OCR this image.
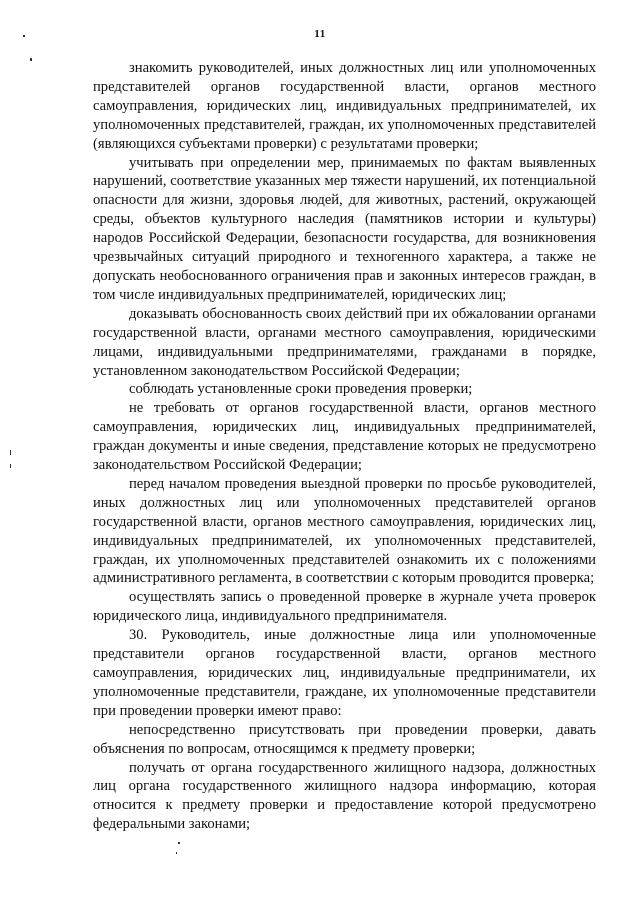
11

знакомить руководителей, иных должностных лиц или уполномоченных представителей органов государственной власти, органов местного самоуправления, юридических лиц, индивидуальных предпринимателей, их уполномоченных представителей, граждан, их уполномоченных представителей (являющихся субъектами проверки) с результатами проверки;

учитывать при определении мер, принимаемых по фактам выявленных нарушений, соответствие указанных мер тяжести нарушений, их потенциальной опасности для жизни, здоровья людей, для животных, растений, окружающей среды, объектов культурного наследия (памятников истории и культуры) народов Российской Федерации, безопасности государства, для возникновения чрезвычайных ситуаций природного и техногенного характера, а также не допускать необоснованного ограничения прав и законных интересов граждан, в том числе индивидуальных предпринимателей, юридических лиц;

доказывать обоснованность своих действий при их обжаловании органами государственной власти, органами местного самоуправления, юридическими лицами, индивидуальными предпринимателями, гражданами в порядке, установленном законодательством Российской Федерации;

соблюдать установленные сроки проведения проверки;

не требовать от органов государственной власти, органов местного самоуправления, юридических лиц, индивидуальных предпринимателей, граждан документы и иные сведения, представление которых не предусмотрено законодательством Российской Федерации;

перед началом проведения выездной проверки по просьбе руководителей, иных должностных лиц или уполномоченных представителей органов государственной власти, органов местного самоуправления, юридических лиц, индивидуальных предпринимателей, их уполномоченных представителей, граждан, их уполномоченных представителей ознакомить их с положениями административного регламента, в соответствии с которым проводится проверка;

осуществлять запись о проведенной проверке в журнале учета проверок юридического лица, индивидуального предпринимателя.

30. Руководитель, иные должностные лица или уполномоченные представители органов государственной власти, органов местного самоуправления, юридических лиц, индивидуальные предприниматели, их уполномоченные представители, граждане, их уполномоченные представители при проведении проверки имеют право:

непосредственно присутствовать при проведении проверки, давать объяснения по вопросам, относящимся к предмету проверки;

получать от органа государственного жилищного надзора, должностных лиц органа государственного жилищного надзора информацию, которая относится к предмету проверки и предоставление которой предусмотрено федеральными законами;
